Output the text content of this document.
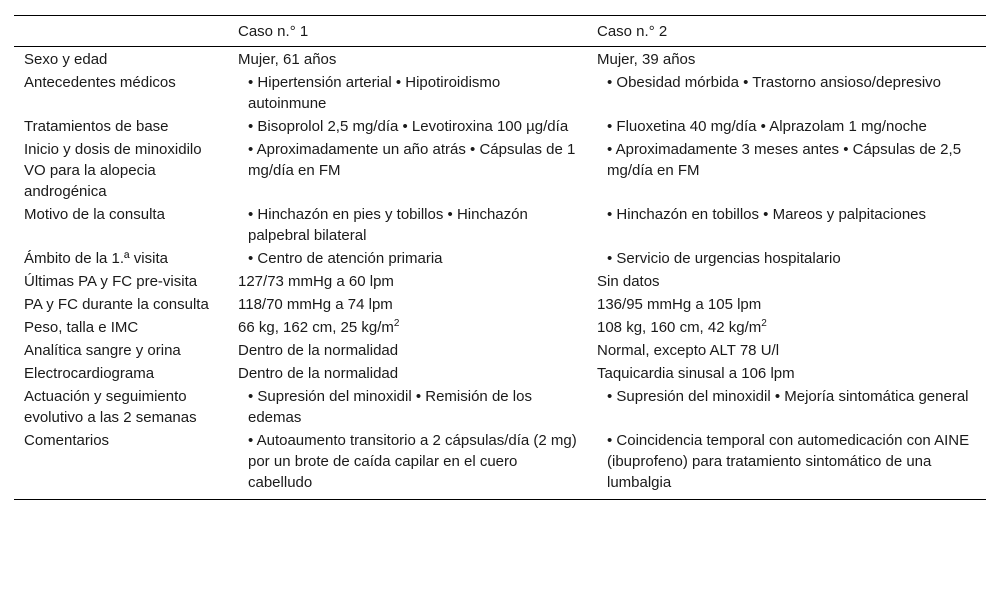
	Caso n.° 1	Caso n.° 2
Sexo y edad	Mujer, 61 años	Mujer, 39 años
Antecedentes médicos	• Hipertensión arterial • Hipotiroidismo autoinmune	• Obesidad mórbida • Trastorno ansioso/depresivo
Tratamientos de base	• Bisoprolol 2,5 mg/día • Levotiroxina 100 µg/día	• Fluoxetina 40 mg/día • Alprazolam 1 mg/noche
Inicio y dosis de minoxidilo VO para la alopecia androgénica	• Aproximadamente un año atrás • Cápsulas de 1 mg/día en FM	• Aproximadamente 3 meses antes • Cápsulas de 2,5 mg/día en FM
Motivo de la consulta	• Hinchazón en pies y tobillos • Hinchazón palpebral bilateral	• Hinchazón en tobillos • Mareos y palpitaciones
Ámbito de la 1.ª visita	• Centro de atención primaria	• Servicio de urgencias hospitalario
Últimas PA y FC pre-visita	127/73 mmHg a 60 lpm	Sin datos
PA y FC durante la consulta	118/70 mmHg a 74 lpm	136/95 mmHg a 105 lpm
Peso, talla e IMC	66 kg, 162 cm, 25 $kg/m^2$	108 kg, 160 cm, 42 $kg/m^2$
Analítica sangre y orina	Dentro de la normalidad	Normal, excepto ALT 78 U/l
Electrocardiograma	Dentro de la normalidad	Taquicardia sinusal a 106 lpm
Actuación y seguimiento evolutivo a las 2 semanas	• Supresión del minoxidil • Remisión de los edemas	• Supresión del minoxidil • Mejoría sintomática general
Comentarios	• Autoaumento transitorio a 2 cápsulas/día (2 mg) por un brote de caída capilar en el cuero cabelludo	• Coincidencia temporal con automedicación con AINE (ibuprofeno) para tratamiento sintomático de una lumbalgia
